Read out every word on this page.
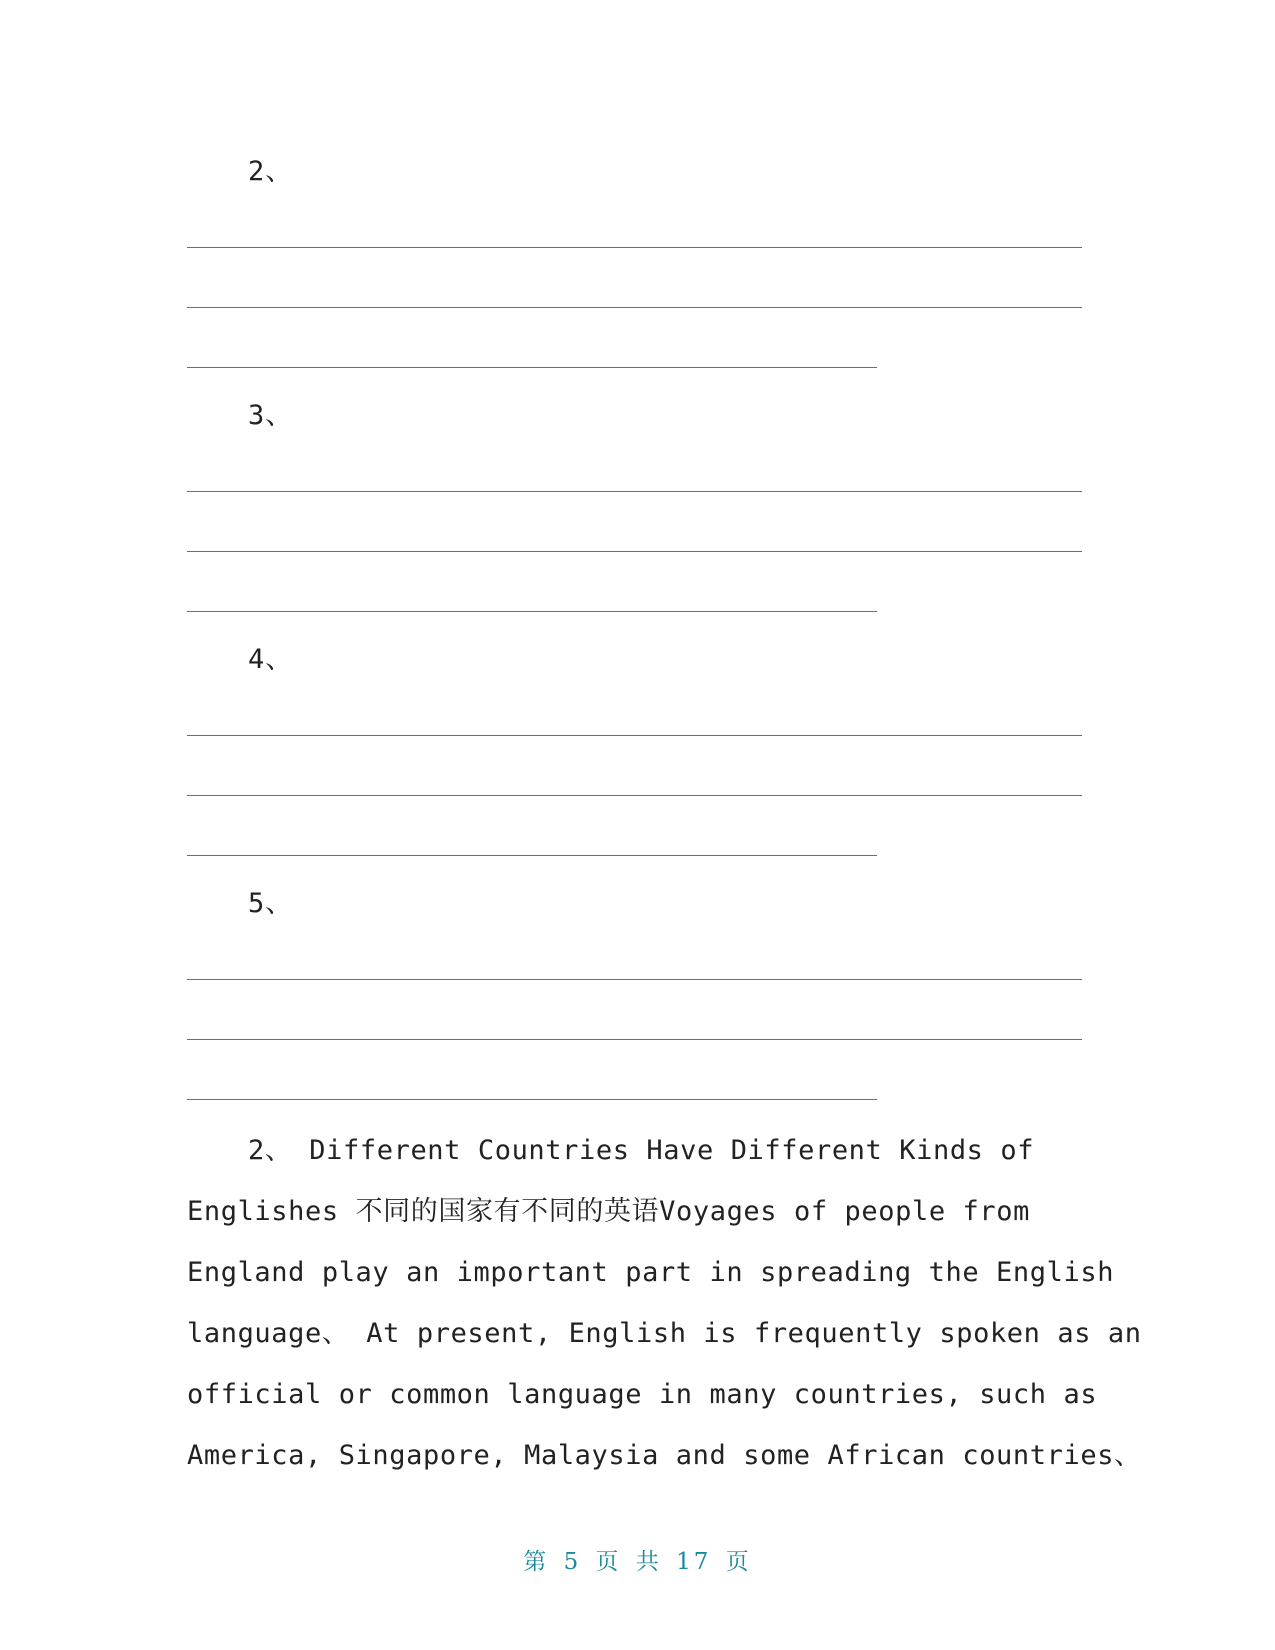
2、
3、
4、
5、
2、 Different Countries Have Different Kinds of
Englishes 不同的国家有不同的英语Voyages of people from
England play an important part in spreading the English
language、 At present, English is frequently spoken as an
official or common language in many countries, such as
America, Singapore, Malaysia and some African countries、
第 5 页 共 17 页
